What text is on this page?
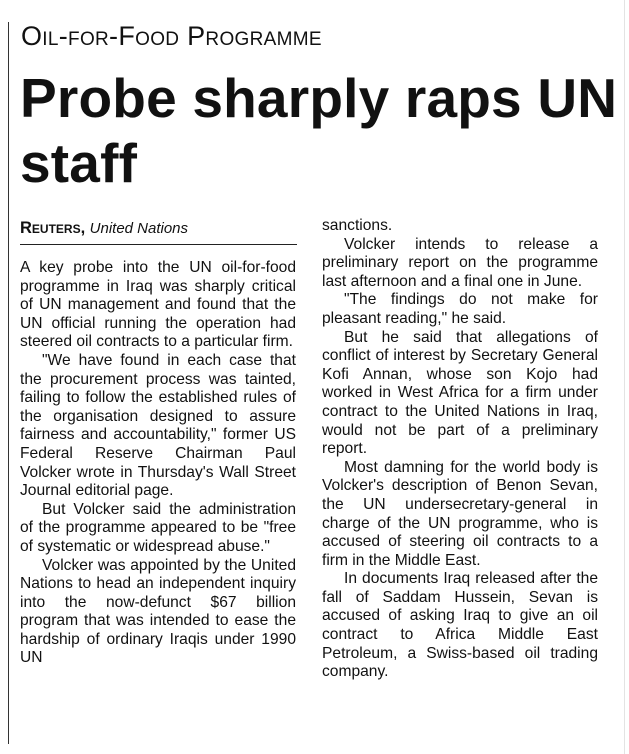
Oil-for-Food Programme
Probe sharply raps UN staff
Reuters, United Nations

A key probe into the UN oil-for-food programme in Iraq was sharply critical of UN management and found that the UN official running the operation had steered oil contracts to a particular firm.

"We have found in each case that the procurement process was tainted, failing to follow the established rules of the organisation designed to assure fairness and accountability," former US Federal Reserve Chairman Paul Volcker wrote in Thursday's Wall Street Journal editorial page.

But Volcker said the administration of the programme appeared to be "free of systematic or widespread abuse."

Volcker was appointed by the United Nations to head an independent inquiry into the now-defunct $67 billion program that was intended to ease the hardship of ordinary Iraqis under 1990 UN

sanctions.

Volcker intends to release a preliminary report on the programme last afternoon and a final one in June.

"The findings do not make for pleasant reading," he said.

But he said that allegations of conflict of interest by Secretary General Kofi Annan, whose son Kojo had worked in West Africa for a firm under contract to the United Nations in Iraq, would not be part of a preliminary report.

Most damning for the world body is Volcker's description of Benon Sevan, the UN undersecretary-general in charge of the UN programme, who is accused of steering oil contracts to a firm in the Middle East.

In documents Iraq released after the fall of Saddam Hussein, Sevan is accused of asking Iraq to give an oil contract to Africa Middle East Petroleum, a Swiss-based oil trading company.
